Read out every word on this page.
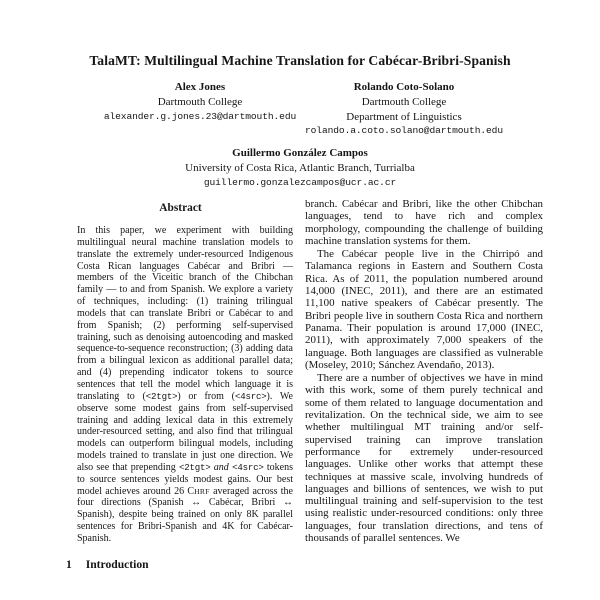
TalaMT: Multilingual Machine Translation for Cabécar-Bribri-Spanish
Alex Jones
Dartmouth College
alexander.g.jones.23@dartmouth.edu
Rolando Coto-Solano
Dartmouth College
Department of Linguistics
rolando.a.coto.solano@dartmouth.edu
Guillermo González Campos
University of Costa Rica, Atlantic Branch, Turrialba
guillermo.gonzalezcampos@ucr.ac.cr
Abstract
In this paper, we experiment with building multilingual neural machine translation models to translate the extremely under-resourced Indigenous Costa Rican languages Cabécar and Bribri — members of the Viceitic branch of the Chibchan family — to and from Spanish. We explore a variety of techniques, including: (1) training trilingual models that can translate Bribri or Cabécar to and from Spanish; (2) performing self-supervised training, such as denoising autoencoding and masked sequence-to-sequence reconstruction; (3) adding data from a bilingual lexicon as additional parallel data; and (4) prepending indicator tokens to source sentences that tell the model which language it is translating to (<2tgt>) or from (<4src>). We observe some modest gains from self-supervised training and adding lexical data in this extremely under-resourced setting, and also find that trilingual models can outperform bilingual models, including models trained to translate in just one direction. We also see that prepending <2tgt> and <4src> tokens to source sentences yields modest gains. Our best model achieves around 26 CHRF averaged across the four directions (Spanish ↔ Cabécar, Bribri ↔ Spanish), despite being trained on only 8K parallel sentences for Bribri-Spanish and 4K for Cabécar-Spanish.
1 Introduction

branch. Cabécar and Bribri, like the other Chibchan languages, tend to have rich and complex morphology, compounding the challenge of building machine translation systems for them.

The Cabécar people live in the Chirripó and Talamanca regions in Eastern and Southern Costa Rica. As of 2011, the population numbered around 14,000 (INEC, 2011), and there are an estimated 11,100 native speakers of Cabécar presently. The Bribri people live in southern Costa Rica and northern Panama. Their population is around 17,000 (INEC, 2011), with approximately 7,000 speakers of the language. Both languages are classified as vulnerable (Moseley, 2010; Sánchez Avendaño, 2013).

There are a number of objectives we have in mind with this work, some of them purely technical and some of them related to language documentation and revitalization. On the technical side, we aim to see whether multilingual MT training and/or self-supervised training can improve translation performance for extremely under-resourced languages. Unlike other works that attempt these techniques at massive scale, involving hundreds of languages and billions of sentences, we wish to put multilingual training and self-supervision to the test using realistic under-resourced conditions: only three languages, four translation directions, and tens of thousands of parallel sentences. We
